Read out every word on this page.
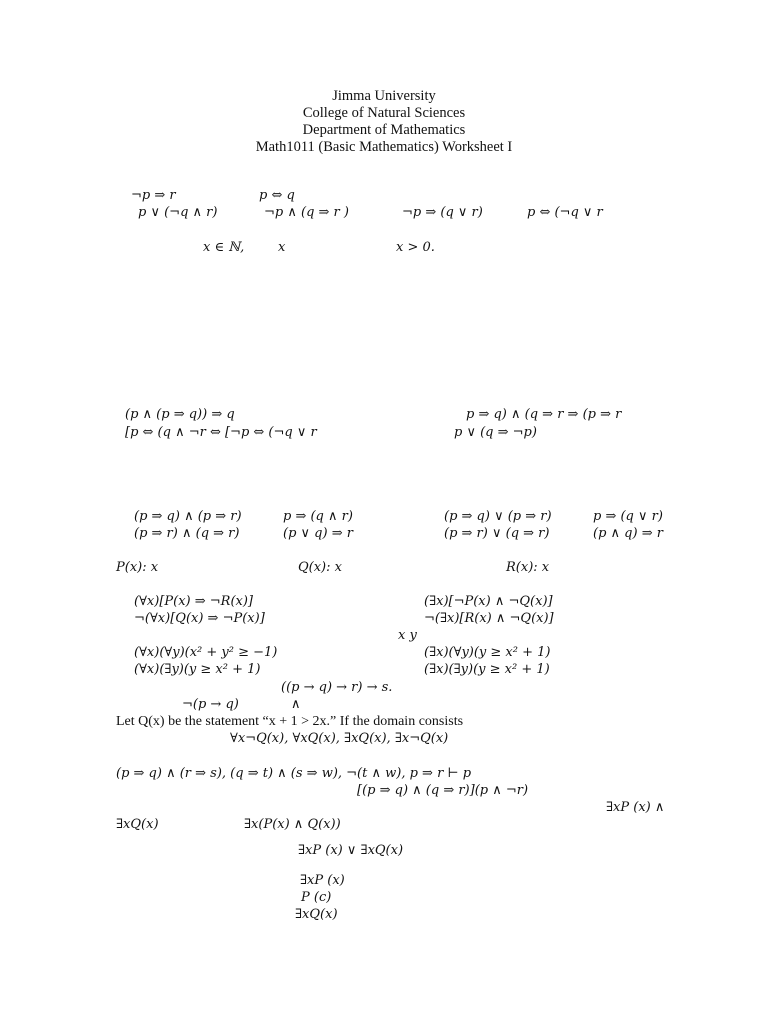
Jimma University
College of Natural Sciences
Department of Mathematics
Math1011 (Basic Mathematics) Worksheet I
¬p ⇒ r	p ⇔ q
p ∨ (¬q ∧ r)	¬p ∧ (q ⇒ r )	¬p ⇒ (q ∨ r)	p ⇔ (¬q ∨ r
x ∈ ℕ,	x	x > 0.
(p ∧ (p ⇒ q)) ⇒ q	p ⇒ q) ∧ (q ⇒ r ⇒ (p ⇒ r
[p ⇔ (q ∧ ¬r ⇔ [¬p ⇔ (¬q ∨ r	p ∨ (q ⇒ ¬p)
(p ⇒ q) ∧ (p ⇒ r)	p ⇒ (q ∧ r)	(p ⇒ q) ∨ (p ⇒ r)	p ⇒ (q ∨ r)
(p ⇒ r) ∧ (q ⇒ r)	(p ∨ q) ⇒ r	(p ⇒ r) ∨ (q ⇒ r)	(p ∧ q) ⇒ r
P(x): x	Q(x): x	R(x): x
(∀x)[P(x) ⇒ ¬R(x)]	(∃x)[¬P(x) ∧ ¬Q(x)]
¬(∀x)[Q(x) ⇒ ¬P(x)]	¬(∃x)[R(x) ∧ ¬Q(x)]
x y
(∀x)(∀y)(x² + y² ≥ −1)	(∃x)(∀y)(y ≥ x² + 1)
(∀x)(∃y)(y ≥ x² + 1)	(∃x)(∃y)(y ≥ x² + 1)
((p → q) → r) → s.
¬(p → q)	∧
Let Q(x) be the statement “x + 1 > 2x.” If the domain consists
∀x¬Q(x), ∀xQ(x), ∃xQ(x), ∃x¬Q(x)
(p ⇒ q) ∧ (r ⇒ s), (q ⇒ t) ∧ (s ⇒ w), ¬(t ∧ w), p ⇒ r ⊢ p
[(p ⇒ q) ∧ (q ⇒ r)](p ∧ ¬r)
∃xP (x) ∧
∃xQ(x)	∃x(P(x) ∧ Q(x))
∃xP (x) ∨ ∃xQ(x)
∃xP (x)
P (c)
∃xQ(x)
